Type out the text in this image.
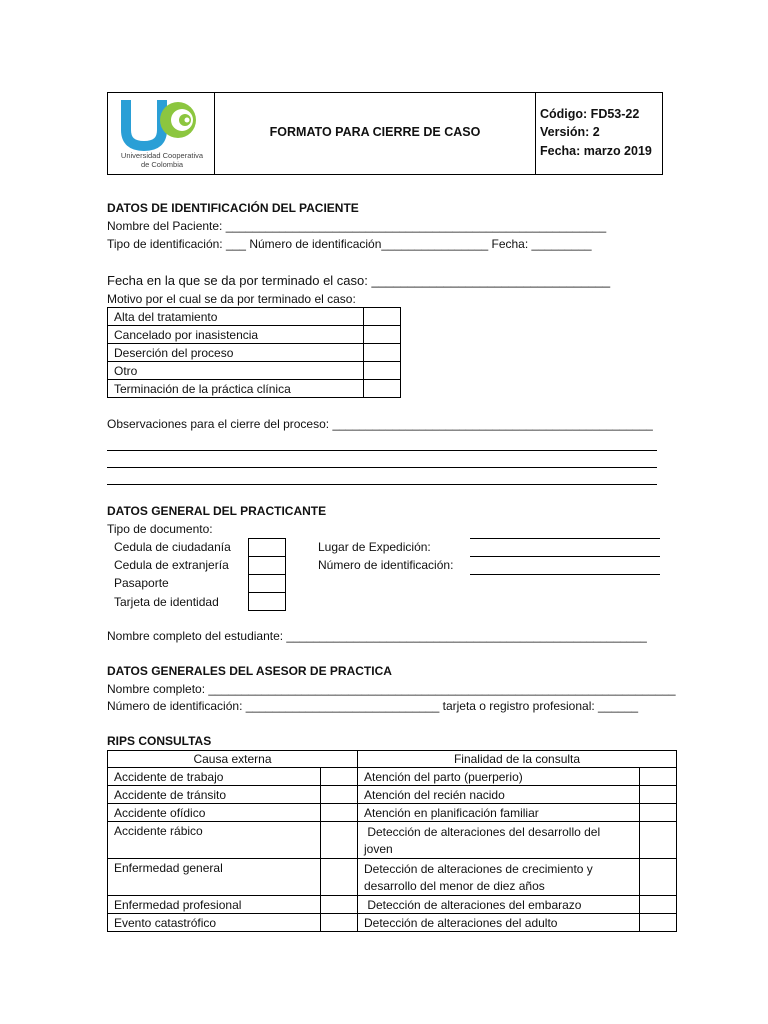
Universidad Cooperativa
de Colombia
FORMATO PARA CIERRE DE CASO
Código: FD53-22
Versión: 2
Fecha: marzo 2019
DATOS DE IDENTIFICACIÓN DEL PACIENTE
Nombre del Paciente: _________________________________________________________
Tipo de identificación: ___ Número de identificación________________ Fecha: _________
Fecha en la que se da por terminado el caso: _________________________________
Motivo por el cual se da por terminado el caso:
Alta del tratamiento	
Cancelado por inasistencia	
Deserción del proceso	
Otro	
Terminación de la práctica clínica	
Observaciones para el cierre del proceso: ________________________________________________
DATOS GENERAL DEL PRACTICANTE
Tipo de documento:
Cedula de ciudadanía
Cedula de extranjería
Pasaporte
Tarjeta de identidad
Lugar de Expedición:
Número de identificación:
Nombre completo del estudiante: ______________________________________________________
DATOS GENERALES DEL ASESOR DE PRACTICA
Nombre completo: ______________________________________________________________________
Número de identificación: _____________________________ tarjeta o registro profesional: ______
RIPS CONSULTAS
Causa externa		Finalidad de la consulta	
Accidente de trabajo		Atención del parto (puerperio)	
Accidente de tránsito		Atención del recién nacido	
Accidente ofídico		Atención en planificación familiar	
Accidente rábico		Detección de alteraciones del desarrollo del
joven	

Enfermedad general		Detección de alteraciones de crecimiento y
desarrollo del menor de diez años	

Enfermedad profesional		Detección de alteraciones del embarazo	
Evento catastrófico		Detección de alteraciones del adulto	
